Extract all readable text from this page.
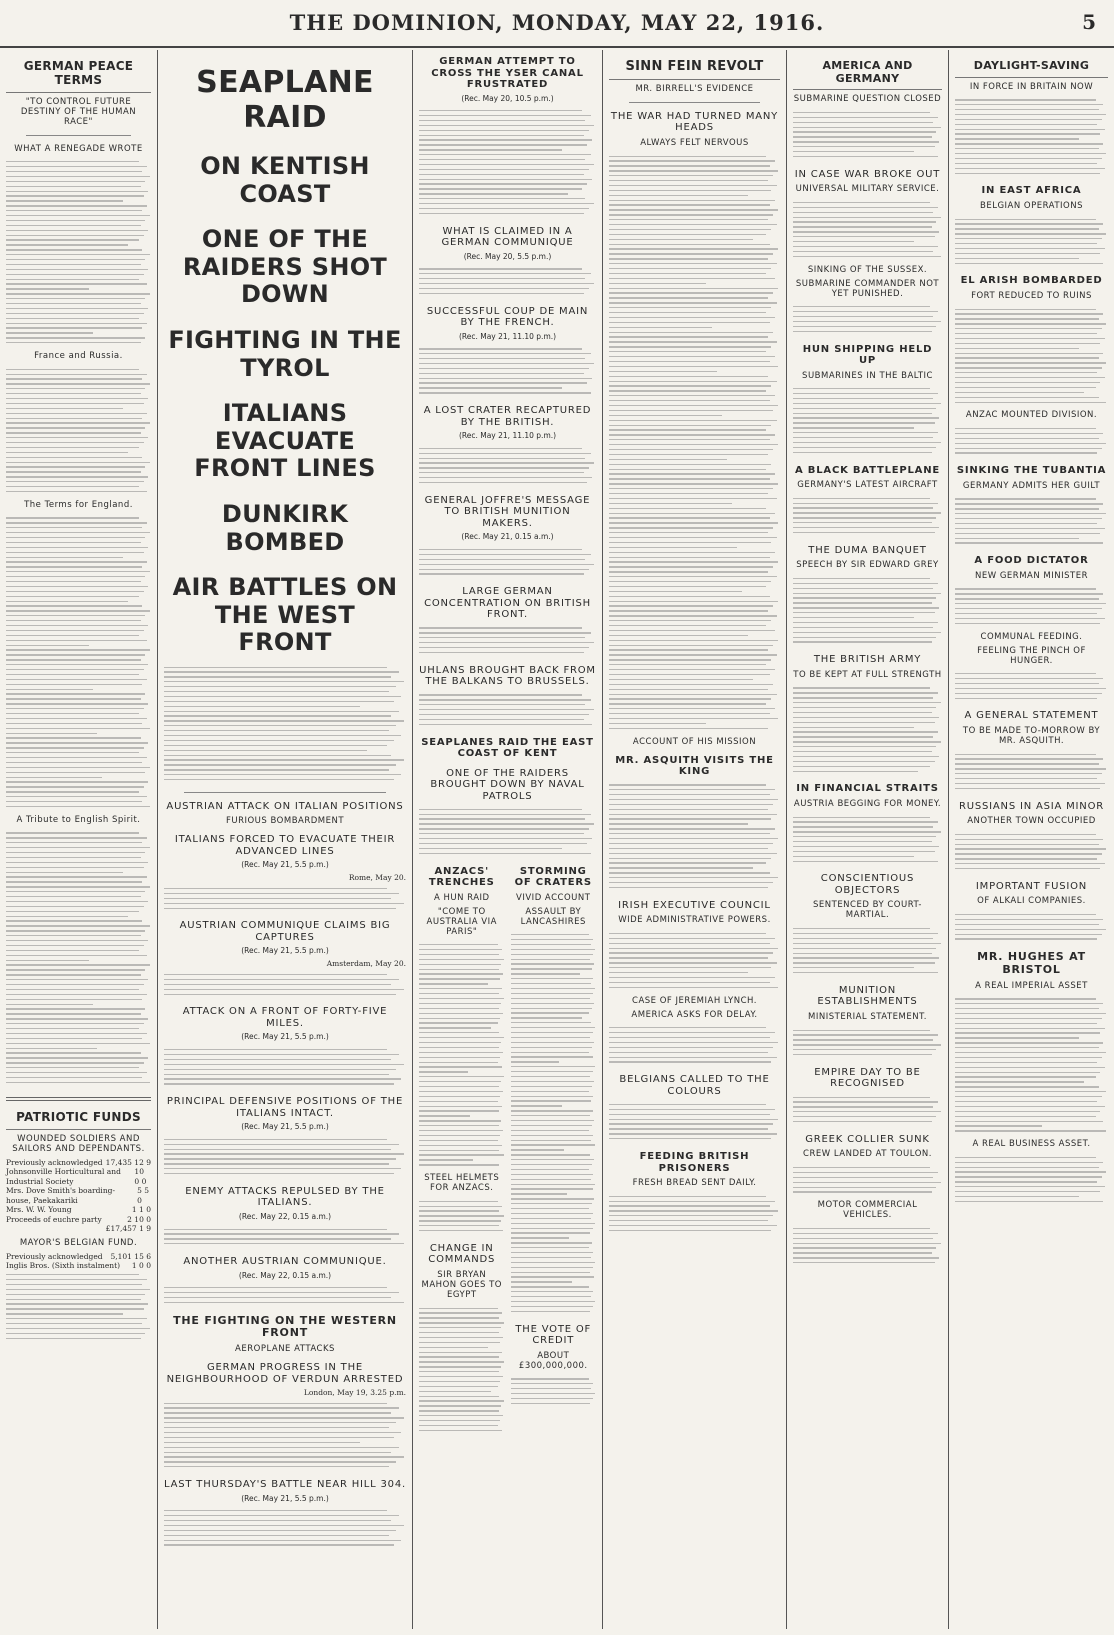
THE DOMINION, MONDAY, MAY 22, 1916.	5
GERMAN PEACE TERMS
"TO CONTROL FUTURE DESTINY OF THE HUMAN RACE"
WHAT A RENEGADE WROTE
France and Russia.
The Terms for England.
A Tribute to English Spirit.
PATRIOTIC FUNDS
WOUNDED SOLDIERS AND SAILORS AND DEPENDANTS.
Previously acknowledged 17,435 12 9
Johnsonville Horticultural and Industrial Society
10 0 0
Mrs. Dove Smith's boarding-house, Paekakariki
5 5 0
Mrs. W. W. Young	1 1 0
Proceeds of euchre party	2 10 0
£17,457 1 9
MAYOR'S BELGIAN FUND.
Previously acknowledged 5,101 15 6
Inglis Bros. (Sixth instalment) 1 0 0
SEAPLANE RAID
ON KENTISH COAST
ONE OF THE RAIDERS SHOT DOWN
FIGHTING IN THE TYROL
ITALIANS EVACUATE FRONT LINES
DUNKIRK BOMBED
AIR BATTLES ON THE WEST FRONT
AUSTRIAN ATTACK ON ITALIAN POSITIONS
FURIOUS BOMBARDMENT
ITALIANS FORCED TO EVACUATE THEIR ADVANCED LINES
(Rec. May 21, 5.5 p.m.)
Rome, May 20.
AUSTRIAN COMMUNIQUE CLAIMS BIG CAPTURES
(Rec. May 21, 5.5 p.m.)
Amsterdam, May 20.
ATTACK ON A FRONT OF FORTY-FIVE MILES.
(Rec. May 21, 5.5 p.m.)
PRINCIPAL DEFENSIVE POSITIONS OF THE ITALIANS INTACT.
(Rec. May 21, 5.5 p.m.)
ENEMY ATTACKS REPULSED BY THE ITALIANS.
(Rec. May 22, 0.15 a.m.)
ANOTHER AUSTRIAN COMMUNIQUE.
(Rec. May 22, 0.15 a.m.)
THE FIGHTING ON THE WESTERN FRONT
AEROPLANE ATTACKS
GERMAN PROGRESS IN THE NEIGHBOURHOOD OF VERDUN ARRESTED
London, May 19, 3.25 p.m.
LAST THURSDAY'S BATTLE NEAR HILL 304.
(Rec. May 21, 5.5 p.m.)
GERMAN ATTEMPT TO CROSS THE YSER CANAL FRUSTRATED
(Rec. May 20, 10.5 p.m.)
WHAT IS CLAIMED IN A GERMAN COMMUNIQUE
(Rec. May 20, 5.5 p.m.)
SUCCESSFUL COUP DE MAIN BY THE FRENCH.
(Rec. May 21, 11.10 p.m.)
A LOST CRATER RECAPTURED BY THE BRITISH.
(Rec. May 21, 11.10 p.m.)
GENERAL JOFFRE'S MESSAGE TO BRITISH MUNITION MAKERS.
(Rec. May 21, 0.15 a.m.)
LARGE GERMAN CONCENTRATION ON BRITISH FRONT.
UHLANS BROUGHT BACK FROM THE BALKANS TO BRUSSELS.
SEAPLANES RAID THE EAST COAST OF KENT
ONE OF THE RAIDERS BROUGHT DOWN BY NAVAL PATROLS
ANZACS' TRENCHES
A HUN RAID
"COME TO AUSTRALIA VIA PARIS"
STEEL HELMETS FOR ANZACS.
CHANGE IN COMMANDS
SIR BRYAN MAHON GOES TO EGYPT
STORMING OF CRATERS
VIVID ACCOUNT
ASSAULT BY LANCASHIRES
THE VOTE OF CREDIT
ABOUT £300,000,000.
SINN FEIN REVOLT
MR. BIRRELL'S EVIDENCE
THE WAR HAD TURNED MANY HEADS
ALWAYS FELT NERVOUS
ACCOUNT OF HIS MISSION
MR. ASQUITH VISITS THE KING
IRISH EXECUTIVE COUNCIL
WIDE ADMINISTRATIVE POWERS.
CASE OF JEREMIAH LYNCH.
AMERICA ASKS FOR DELAY.
BELGIANS CALLED TO THE COLOURS
FEEDING BRITISH PRISONERS
FRESH BREAD SENT DAILY.
AMERICA AND GERMANY
SUBMARINE QUESTION CLOSED
IN CASE WAR BROKE OUT
UNIVERSAL MILITARY SERVICE.
SINKING OF THE SUSSEX.
SUBMARINE COMMANDER NOT YET PUNISHED.
HUN SHIPPING HELD UP
SUBMARINES IN THE BALTIC
A BLACK BATTLEPLANE
GERMANY'S LATEST AIRCRAFT
THE DUMA BANQUET
SPEECH BY SIR EDWARD GREY
THE BRITISH ARMY
TO BE KEPT AT FULL STRENGTH
IN FINANCIAL STRAITS
AUSTRIA BEGGING FOR MONEY.
CONSCIENTIOUS OBJECTORS
SENTENCED BY COURT-MARTIAL.
MUNITION ESTABLISHMENTS
MINISTERIAL STATEMENT.
EMPIRE DAY TO BE RECOGNISED
GREEK COLLIER SUNK
CREW LANDED AT TOULON.
MOTOR COMMERCIAL VEHICLES.
DAYLIGHT-SAVING
IN FORCE IN BRITAIN NOW
IN EAST AFRICA
BELGIAN OPERATIONS
EL ARISH BOMBARDED
FORT REDUCED TO RUINS
ANZAC MOUNTED DIVISION.
SINKING THE TUBANTIA
GERMANY ADMITS HER GUILT
A FOOD DICTATOR
NEW GERMAN MINISTER
COMMUNAL FEEDING.
FEELING THE PINCH OF HUNGER.
A GENERAL STATEMENT
TO BE MADE TO-MORROW BY MR. ASQUITH.
RUSSIANS IN ASIA MINOR
ANOTHER TOWN OCCUPIED
IMPORTANT FUSION
OF ALKALI COMPANIES.
MR. HUGHES AT BRISTOL
A REAL IMPERIAL ASSET
A REAL BUSINESS ASSET.
